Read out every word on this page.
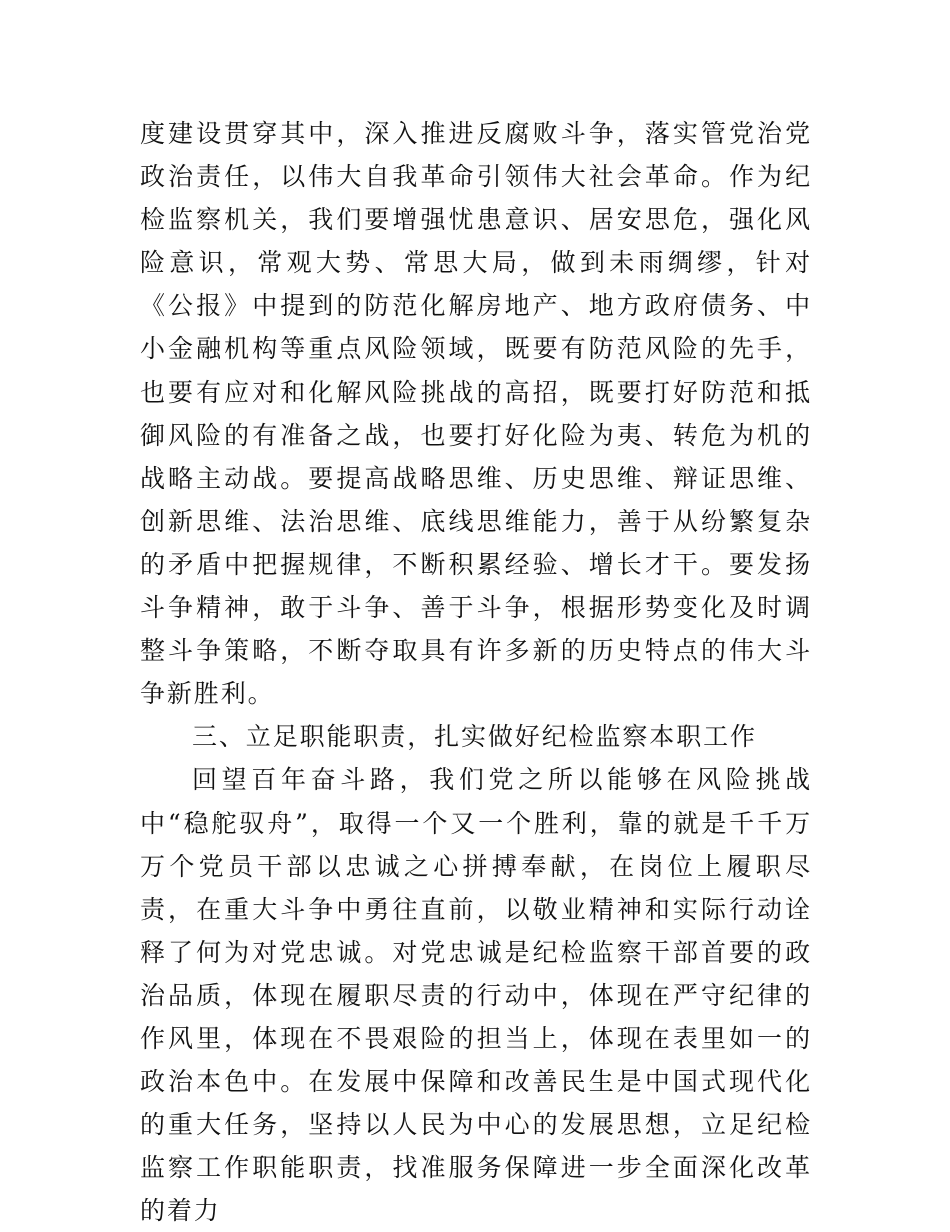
度建设贯穿其中，深入推进反腐败斗争，落实管党治党政治责任，以伟大自我革命引领伟大社会革命。作为纪检监察机关，我们要增强忧患意识、居安思危，强化风险意识，常观大势、常思大局，做到未雨绸缪，针对《公报》中提到的防范化解房地产、地方政府债务、中小金融机构等重点风险领域，既要有防范风险的先手，也要有应对和化解风险挑战的高招，既要打好防范和抵御风险的有准备之战，也要打好化险为夷、转危为机的战略主动战。要提高战略思维、历史思维、辩证思维、创新思维、法治思维、底线思维能力，善于从纷繁复杂的矛盾中把握规律，不断积累经验、增长才干。要发扬斗争精神，敢于斗争、善于斗争，根据形势变化及时调整斗争策略，不断夺取具有许多新的历史特点的伟大斗争新胜利。

三、立足职能职责，扎实做好纪检监察本职工作

回望百年奋斗路，我们党之所以能够在风险挑战中“稳舵驭舟”，取得一个又一个胜利，靠的就是千千万万个党员干部以忠诚之心拼搏奉献，在岗位上履职尽责，在重大斗争中勇往直前，以敬业精神和实际行动诠释了何为对党忠诚。对党忠诚是纪检监察干部首要的政治品质，体现在履职尽责的行动中，体现在严守纪律的作风里，体现在不畏艰险的担当上，体现在表里如一的政治本色中。在发展中保障和改善民生是中国式现代化的重大任务，坚持以人民为中心的发展思想，立足纪检监察工作职能职责，找准服务保障进一步全面深化改革的着力
